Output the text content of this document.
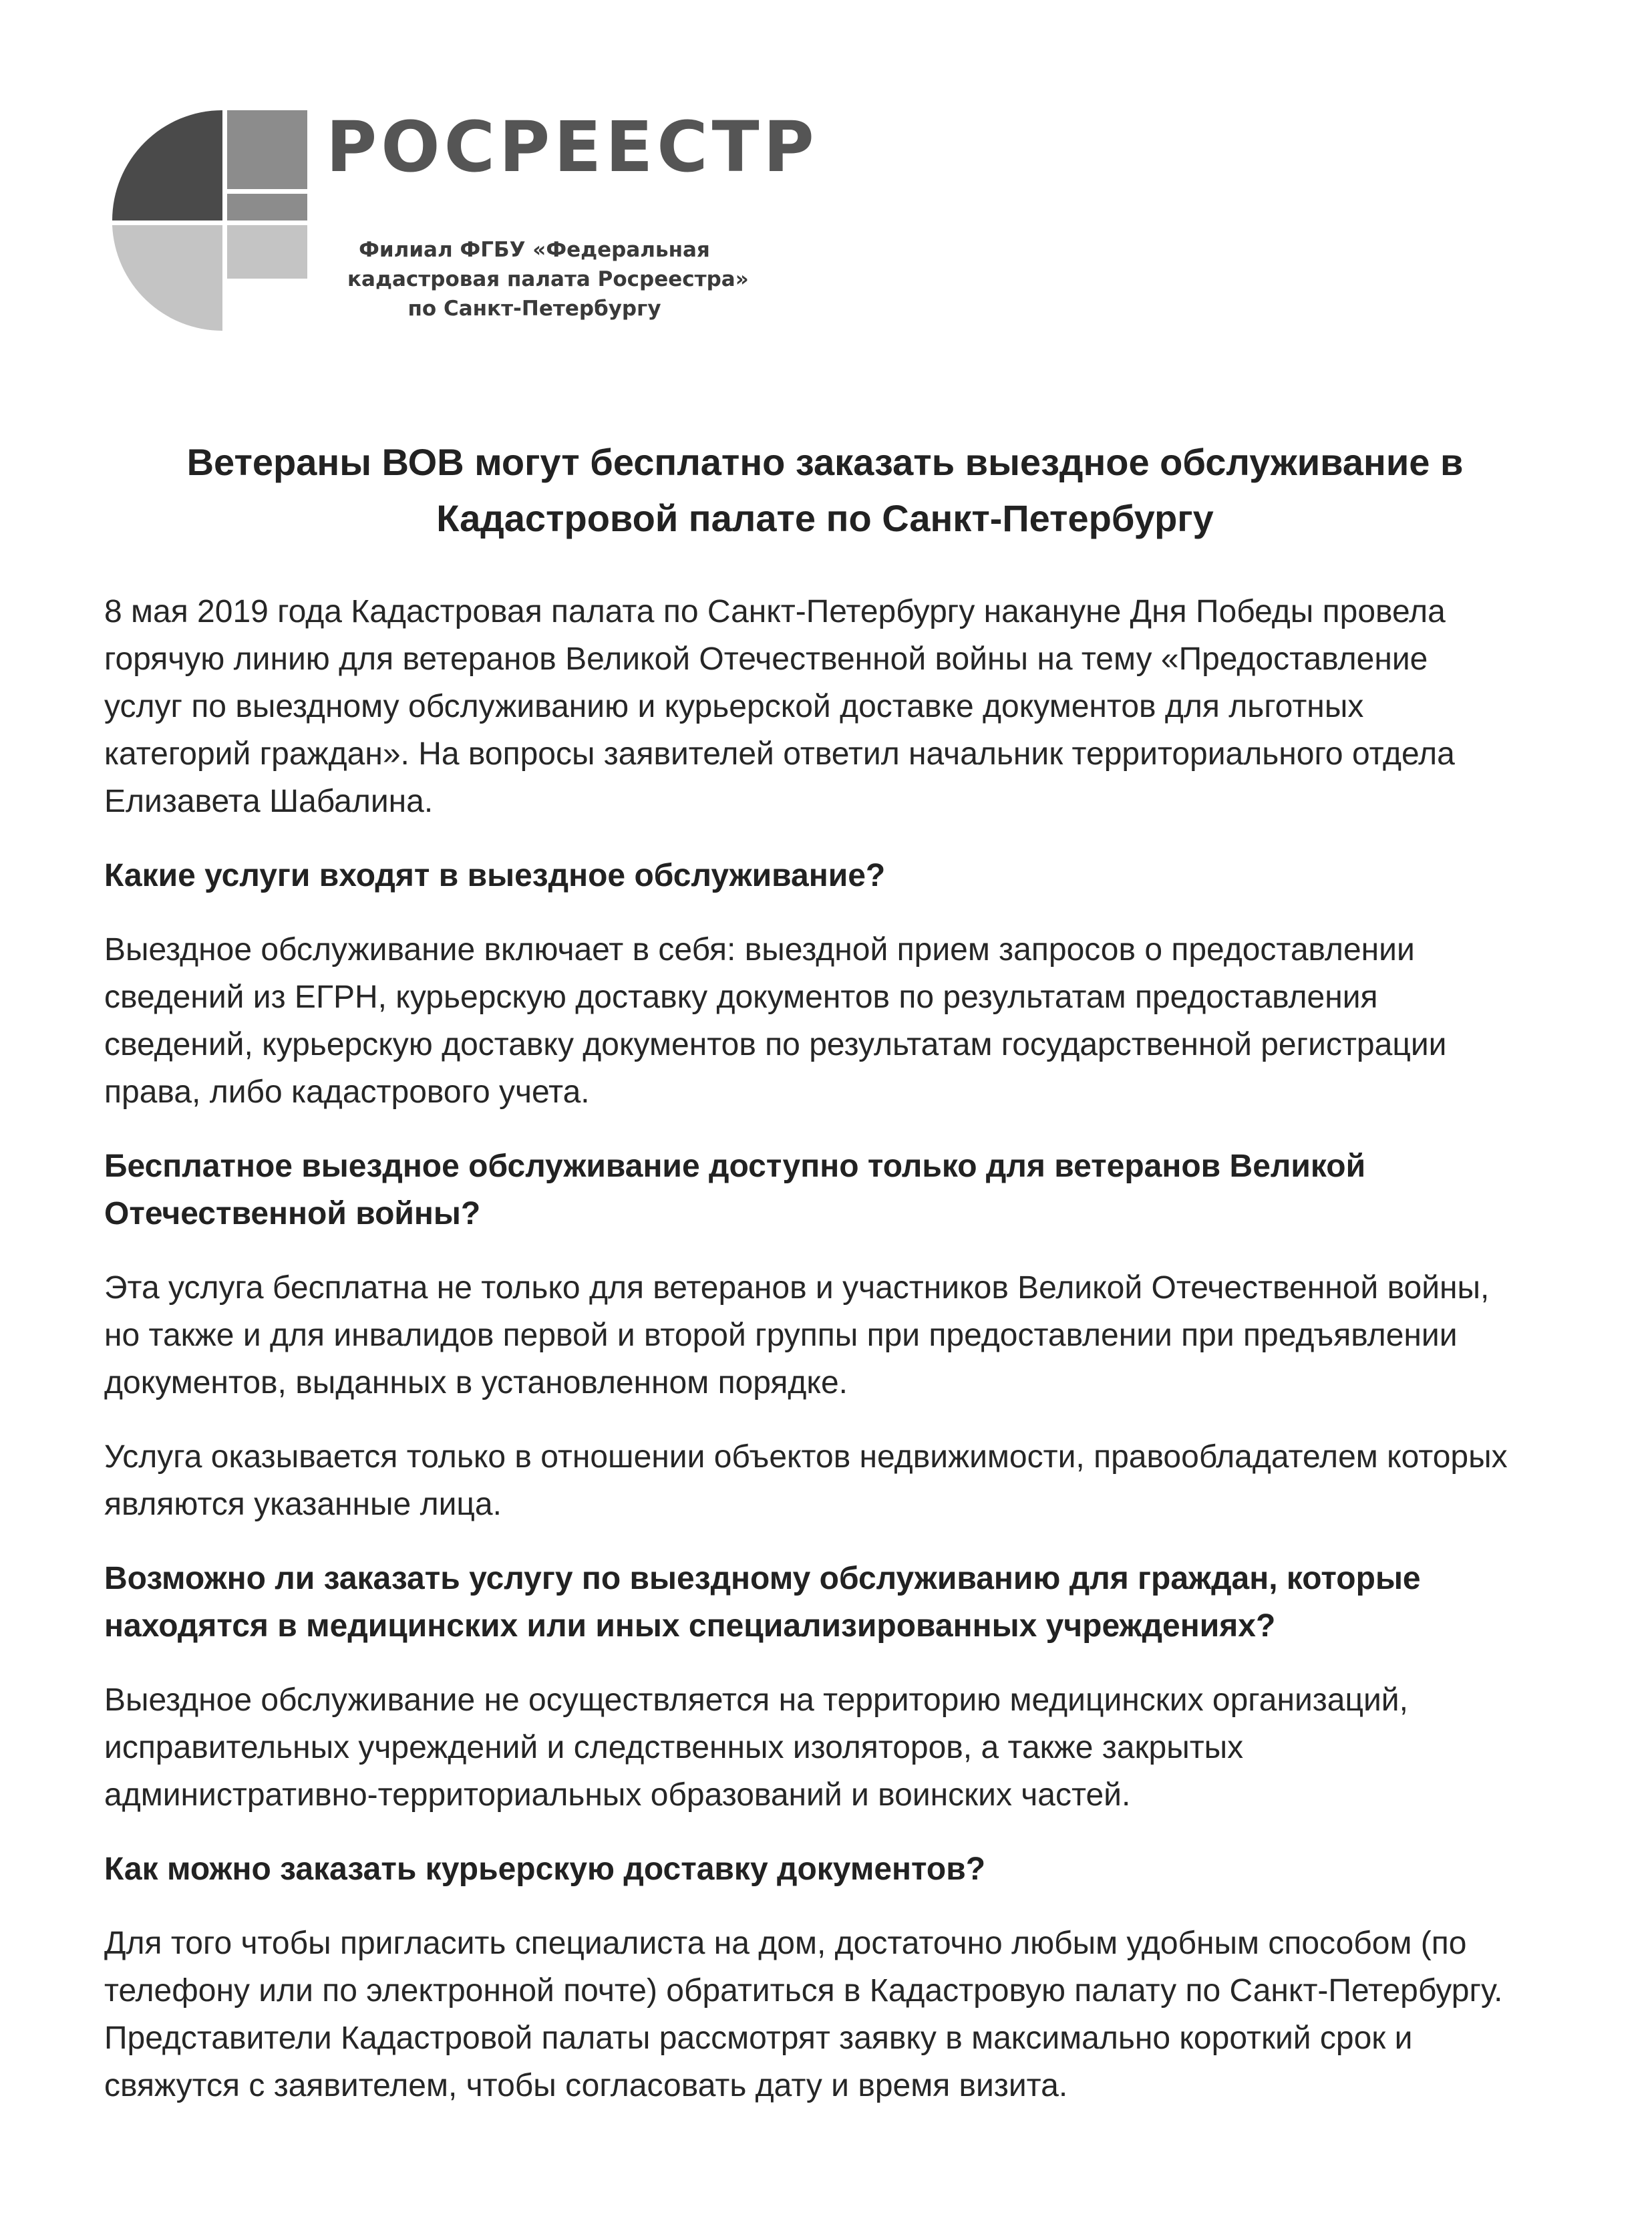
РОСРЕЕСТР
Филиал ФГБУ «Федеральная
кадастровая палата Росреестра»
по Санкт-Петербургу
Ветераны ВОВ могут бесплатно заказать выездное обслуживание в
Кадастровой палате по Санкт-Петербургу
8 мая 2019 года Кадастровая палата по Санкт-Петербургу накануне Дня Победы провела
горячую линию для ветеранов Великой Отечественной войны на тему «Предоставление
услуг по выездному обслуживанию и курьерской доставке документов для льготных
категорий граждан». На вопросы заявителей ответил начальник территориального отдела
Елизавета Шабалина.
Какие услуги входят в выездное обслуживание?
Выездное обслуживание включает в себя: выездной прием запросов о предоставлении
сведений из ЕГРН, курьерскую доставку документов по результатам предоставления
сведений, курьерскую доставку документов по результатам государственной регистрации
права, либо кадастрового учета.
Бесплатное выездное обслуживание доступно только для ветеранов Великой
Отечественной войны?
Эта услуга бесплатна не только для ветеранов и участников Великой Отечественной войны,
но также и для инвалидов первой и второй группы при предоставлении при предъявлении
документов, выданных в установленном порядке.
Услуга оказывается только в отношении объектов недвижимости, правообладателем которых
являются указанные лица.
Возможно ли заказать услугу по выездному обслуживанию для граждан, которые
находятся в медицинских или иных специализированных учреждениях?
Выездное обслуживание не осуществляется на территорию медицинских организаций,
исправительных учреждений и следственных изоляторов, а также закрытых
административно-территориальных образований и воинских частей.
Как можно заказать курьерскую доставку документов?
Для того чтобы пригласить специалиста на дом, достаточно любым удобным способом (по
телефону или по электронной почте) обратиться в Кадастровую палату по Санкт-Петербургу.
Представители Кадастровой палаты рассмотрят заявку в максимально короткий срок и
свяжутся с заявителем, чтобы согласовать дату и время визита.
